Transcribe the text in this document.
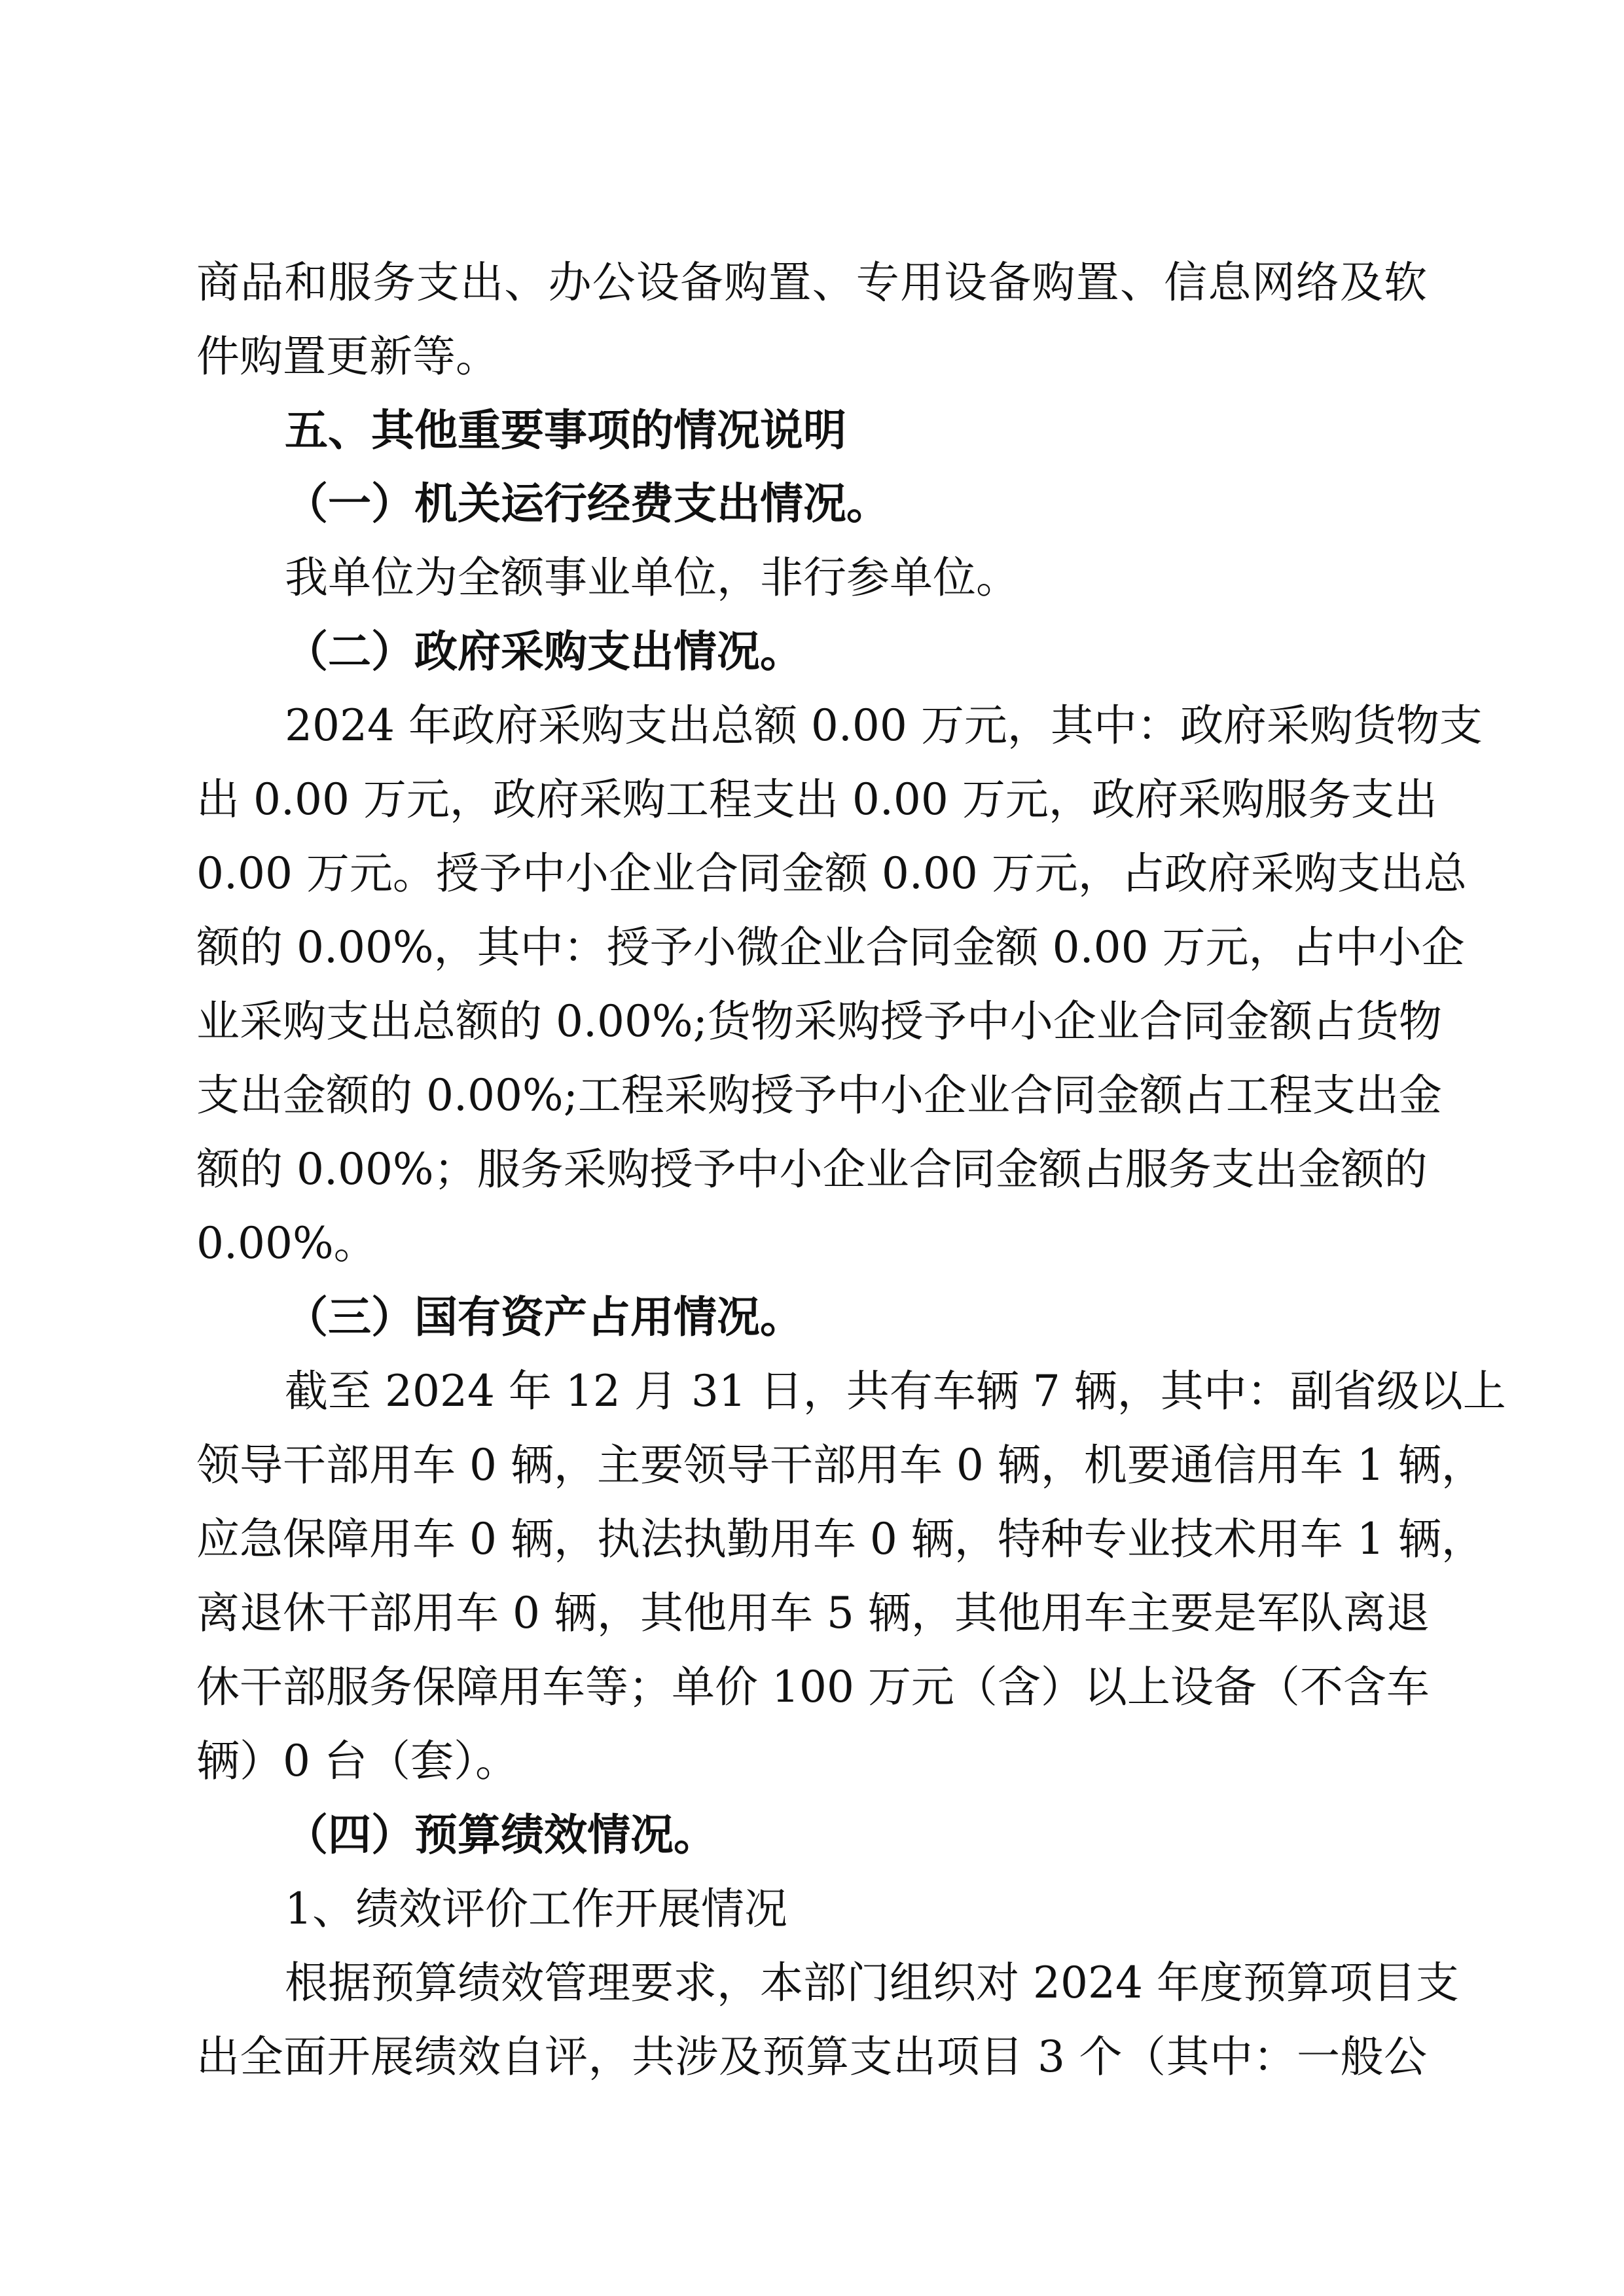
商品和服务支出、办公设备购置、专用设备购置、信息网络及软
件购置更新等。
五、其他重要事项的情况说明
（一）机关运行经费支出情况。
我单位为全额事业单位，非行参单位。
（二）政府采购支出情况。
2024 年政府采购支出总额 0.00 万元，其中：政府采购货物支
出 0.00 万元，政府采购工程支出 0.00 万元，政府采购服务支出
0.00 万元。授予中小企业合同金额 0.00 万元，占政府采购支出总
额的 0.00%，其中：授予小微企业合同金额 0.00 万元，占中小企
业采购支出总额的 0.00%;货物采购授予中小企业合同金额占货物
支出金额的 0.00%;工程采购授予中小企业合同金额占工程支出金
额的 0.00%；服务采购授予中小企业合同金额占服务支出金额的
0.00%。
（三）国有资产占用情况。
截至 2024 年 12 月 31 日，共有车辆 7 辆，其中：副省级以上
领导干部用车 0 辆，主要领导干部用车 0 辆，机要通信用车 1 辆，
应急保障用车 0 辆，执法执勤用车 0 辆，特种专业技术用车 1 辆，
离退休干部用车 0 辆，其他用车 5 辆，其他用车主要是军队离退
休干部服务保障用车等；单价 100 万元（含）以上设备（不含车
辆）0 台（套）。
（四）预算绩效情况。
1、绩效评价工作开展情况
根据预算绩效管理要求，本部门组织对 2024 年度预算项目支
出全面开展绩效自评，共涉及预算支出项目 3 个（其中：一般公
